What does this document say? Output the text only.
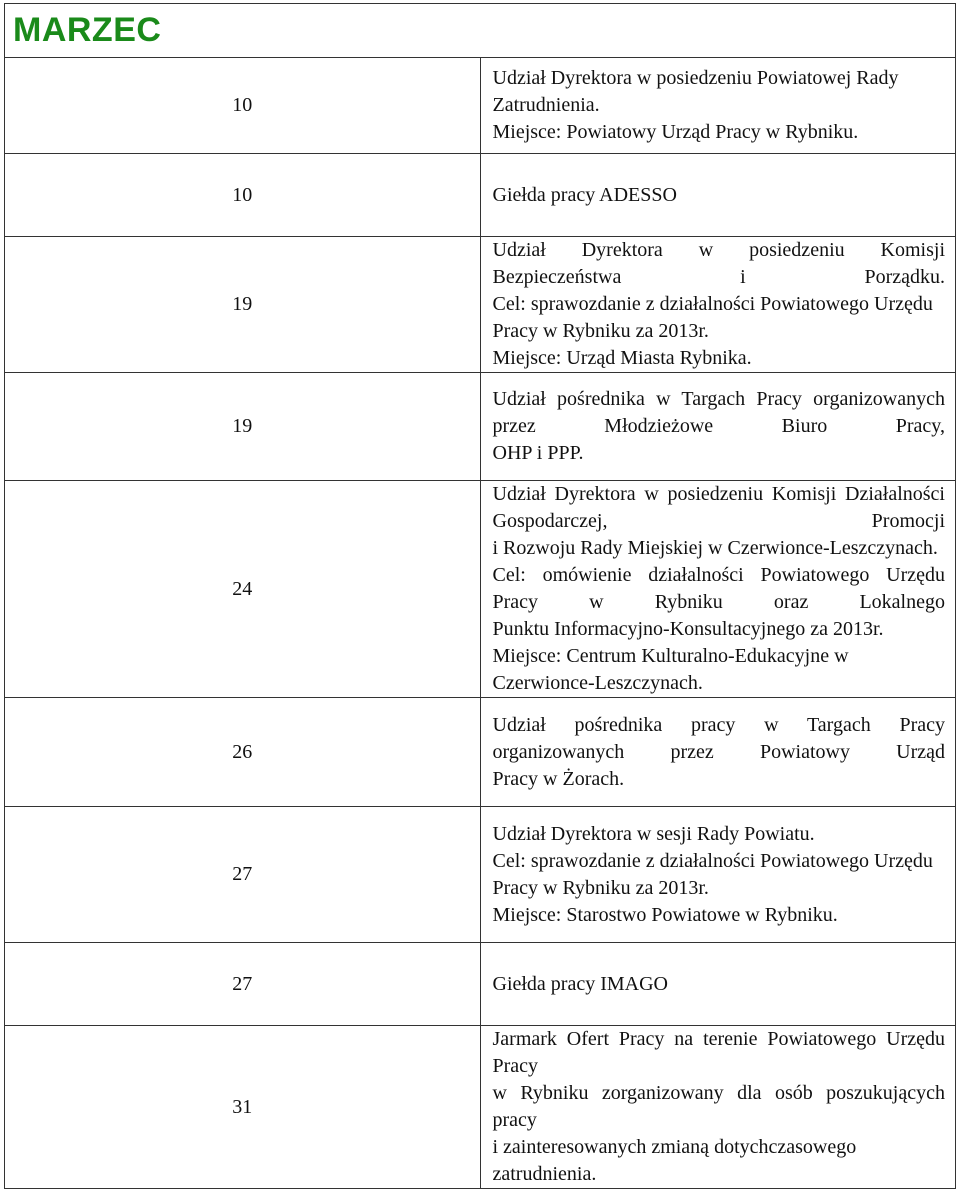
MARZEC	
10	Udział Dyrektora w posiedzeniu Powiatowej Rady Zatrudnienia.
Miejsce: Powiatowy Urząd Pracy w Rybniku.

10	Giełda pracy ADESSO

19	Udział Dyrektora w posiedzeniu Komisji Bezpieczeństwa i Porządku.
Cel: sprawozdanie z działalności Powiatowego Urzędu Pracy w Rybniku za 2013r.
Miejsce: Urząd Miasta Rybnika.

19	Udział pośrednika w Targach Pracy organizowanych przez Młodzieżowe Biuro Pracy,
OHP i PPP.

24	Udział Dyrektora w posiedzeniu Komisji Działalności Gospodarczej, Promocji
i Rozwoju Rady Miejskiej w Czerwionce-Leszczynach.
Cel: omówienie działalności Powiatowego Urzędu Pracy w Rybniku oraz Lokalnego
Punktu Informacyjno-Konsultacyjnego za 2013r.
Miejsce: Centrum Kulturalno-Edukacyjne w Czerwionce-Leszczynach.

26	Udział pośrednika pracy w Targach Pracy organizowanych przez Powiatowy Urząd
Pracy w Żorach.

27	Udział Dyrektora w sesji Rady Powiatu.
Cel: sprawozdanie z działalności Powiatowego Urzędu Pracy w Rybniku za 2013r.
Miejsce: Starostwo Powiatowe w Rybniku.

27	Giełda pracy IMAGO

31	Jarmark Ofert Pracy na terenie Powiatowego Urzędu Pracy
w Rybniku zorganizowany dla osób poszukujących pracy
i zainteresowanych zmianą dotychczasowego zatrudnienia.
